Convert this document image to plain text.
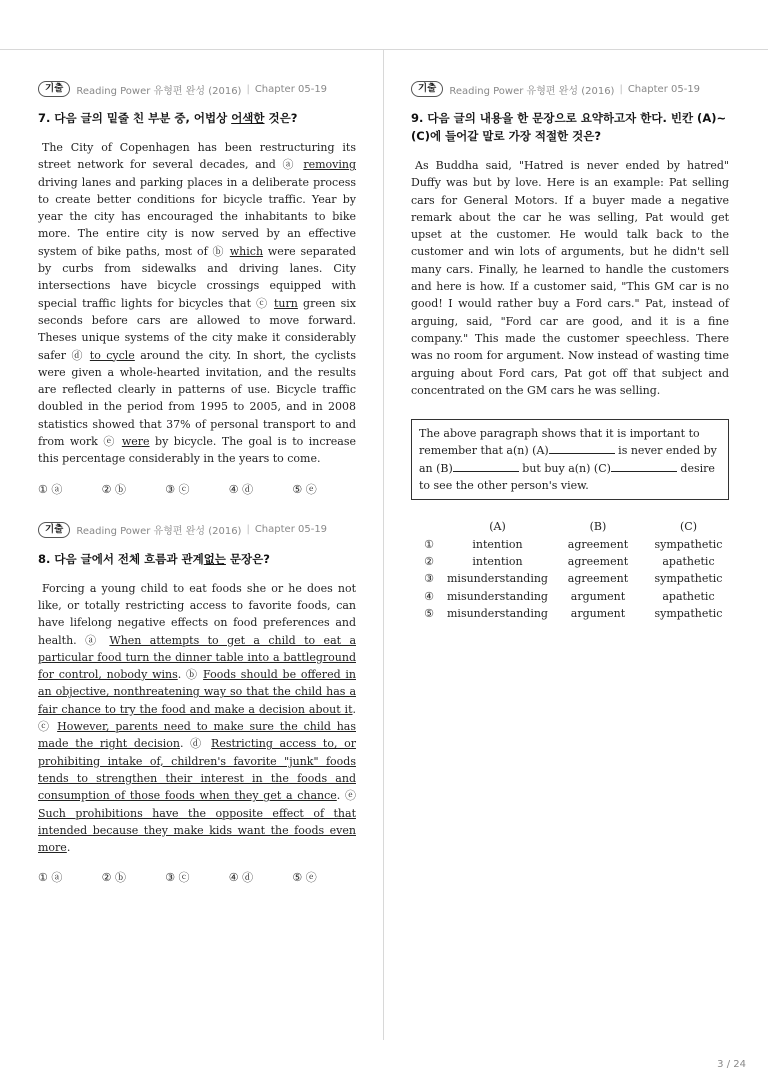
기출	Reading Power 유형편 완성 (2016) | Chapter 05-19
7. 다음 글의 밑줄 친 부분 중, 어법상 어색한 것은?

The City of Copenhagen has been restructuring its street network for several decades, and ⓐ removing driving lanes and parking places in a deliberate process to create better conditions for bicycle traffic. Year by year the city has encouraged the inhabitants to bike more. The entire city is now served by an effective system of bike paths, most of ⓑ which were separated by curbs from sidewalks and driving lanes. City intersections have bicycle crossings equipped with special traffic lights for bicycles that ⓒ turn green six seconds before cars are allowed to move forward. Theses unique systems of the city make it considerably safer ⓓ to cycle around the city. In short, the cyclists were given a whole-hearted invitation, and the results are reflected clearly in patterns of use. Bicycle traffic doubled in the period from 1995 to 2005, and in 2008 statistics showed that 37% of personal transport to and from work ⓔ were by bicycle. The goal is to increase this percentage considerably in the years to come.

① ⓐ	② ⓑ	③ ⓒ	④ ⓓ	⑤ ⓔ
기출	Reading Power 유형편 완성 (2016) | Chapter 05-19
8. 다음 글에서 전체 흐름과 관계없는 문장은?

Forcing a young child to eat foods she or he does not like, or totally restricting access to favorite foods, can have lifelong negative effects on food preferences and health. ⓐ When attempts to get a child to eat a particular food turn the dinner table into a battleground for control, nobody wins. ⓑ Foods should be offered in an objective, nonthreatening way so that the child has a fair chance to try the food and make a decision about it. ⓒ However, parents need to make sure the child has made the right decision. ⓓ Restricting access to, or prohibiting intake of, children's favorite "junk" foods tends to strengthen their interest in the foods and consumption of those foods when they get a chance. ⓔ Such prohibitions have the opposite effect of that intended because they make kids want the foods even more.

① ⓐ	② ⓑ	③ ⓒ	④ ⓓ	⑤ ⓔ
기출	Reading Power 유형편 완성 (2016) | Chapter 05-19
9. 다음 글의 내용을 한 문장으로 요약하고자 한다. 빈칸 (A)~(C)에 들어갈 말로 가장 적절한 것은?

As Buddha said, "Hatred is never ended by hatred" Duffy was but by love. Here is an example: Pat selling cars for General Motors. If a buyer made a negative remark about the car he was selling, Pat would get upset at the customer. He would talk back to the customer and win lots of arguments, but he didn't sell many cars. Finally, he learned to handle the customers and here is how. If a customer said, "This GM car is no good! I would rather buy a Ford cars." Pat, instead of arguing, said, "Ford car are good, and it is a fine company." This made the customer speechless. There was no room for argument. Now instead of wasting time arguing about Ford cars, Pat got off that subject and concentrated on the GM cars he was selling.

The above paragraph shows that it is important to remember that a(n) (A)	is never ended by an (B)	but buy a(n) (C)	desire to see the other person's view.
	(A)	(B)	(C)
①	intention	agreement	sympathetic
②	intention	agreement	apathetic
③	misunderstanding	agreement	sympathetic
④	misunderstanding	argument	apathetic
⑤	misunderstanding	argument	sympathetic
3 / 24
